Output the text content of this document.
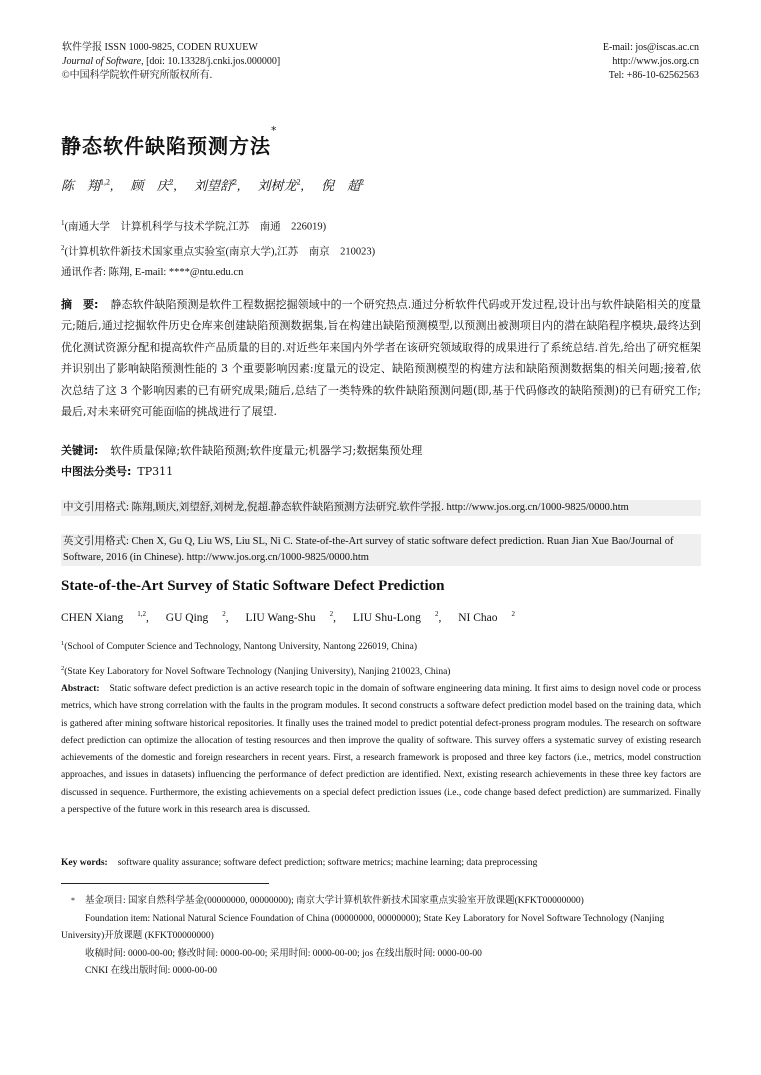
软件学报 ISSN 1000-9825, CODEN RUXUEW
Journal of Software, [doi: 10.13328/j.cnki.jos.000000]
©中国科学院软件研究所版权所有.
E-mail: jos@iscas.ac.cn
http://www.jos.org.cn
Tel: +86-10-62562563
静态软件缺陷预测方法*
陈　翔$^{1,2}$, 顾　庆$^2$, 刘望舒$^2$, 刘树龙$^2$, 倪　超$^2$
$^1$(南通大学　计算机科学与技术学院,江苏　南通　226019)
$^2$(计算机软件新技术国家重点实验室(南京大学),江苏　南京　210023)
通讯作者: 陈翔, E-mail: ****@ntu.edu.cn
摘　要: 静态软件缺陷预测是软件工程数据挖掘领域中的一个研究热点.通过分析软件代码或开发过程,设计出与软件缺陷相关的度量元;随后,通过挖掘软件历史仓库来创建缺陷预测数据集,旨在构建出缺陷预测模型,以预测出被测项目内的潜在缺陷程序模块,最终达到优化测试资源分配和提高软件产品质量的目的.对近些年来国内外学者在该研究领域取得的成果进行了系统总结.首先,给出了研究框架并识别出了影响缺陷预测性能的 3 个重要影响因素:度量元的设定、缺陷预测模型的构建方法和缺陷预测数据集的相关问题;接着,依次总结了这 3 个影响因素的已有研究成果;随后,总结了一类特殊的软件缺陷预测问题(即,基于代码修改的缺陷预测)的已有研究工作;最后,对未来研究可能面临的挑战进行了展望.
关键词: 软件质量保障;软件缺陷预测;软件度量元;机器学习;数据集预处理
中图法分类号: TP311
中文引用格式: 陈翔,顾庆,刘望舒,刘树龙,倪超.静态软件缺陷预测方法研究.软件学报. http://www.jos.org.cn/1000-9825/0000.htm
英文引用格式: Chen X, Gu Q, Liu WS, Liu SL, Ni C. State-of-the-Art survey of static software defect prediction. Ruan Jian Xue Bao/Journal of Software, 2016 (in Chinese). http://www.jos.org.cn/1000-9825/0000.htm
State-of-the-Art Survey of Static Software Defect Prediction
CHEN Xiang $^{1,2}$, GU Qing $^2$, LIU Wang-Shu $^2$, LIU Shu-Long $^2$, NI Chao $^2$
$^1$(School of Computer Science and Technology, Nantong University, Nantong 226019, China)
$^2$(State Key Laboratory for Novel Software Technology (Nanjing University), Nanjing 210023, China)
Abstract: Static software defect prediction is an active research topic in the domain of software engineering data mining. It first aims to design novel code or process metrics, which have strong correlation with the faults in the program modules. It second constructs a software defect prediction model based on the training data, which is gathered after mining software historical repositories. It finally uses the trained model to predict potential defect-proness program modules. The research on software defect prediction can optimize the allocation of testing resources and then improve the quality of software. This survey offers a systematic survey of existing research achievements of the domestic and foreign researchers in recent years. First, a research framework is proposed and three key factors (i.e., metrics, model construction approaches, and issues in datasets) influencing the performance of defect prediction are identified. Next, existing research achievements in these three key factors are discussed in sequence. Furthermore, the existing achievements on a special defect prediction issues (i.e., code change based defect prediction) are summarized. Finally a perspective of the future work in this research area is discussed.
Key words: software quality assurance; software defect prediction; software metrics; machine learning; data preprocessing
* 基金项目: 国家自然科学基金(00000000, 00000000); 南京大学计算机软件新技术国家重点实验室开放课题(KFKT00000000)
Foundation item: National Natural Science Foundation of China (00000000, 00000000); State Key Laboratory for Novel Software Technology (Nanjing University)开放课题 (KFKT00000000)
收稿时间: 0000-00-00; 修改时间: 0000-00-00; 采用时间: 0000-00-00; jos 在线出版时间: 0000-00-00
CNKI 在线出版时间: 0000-00-00
